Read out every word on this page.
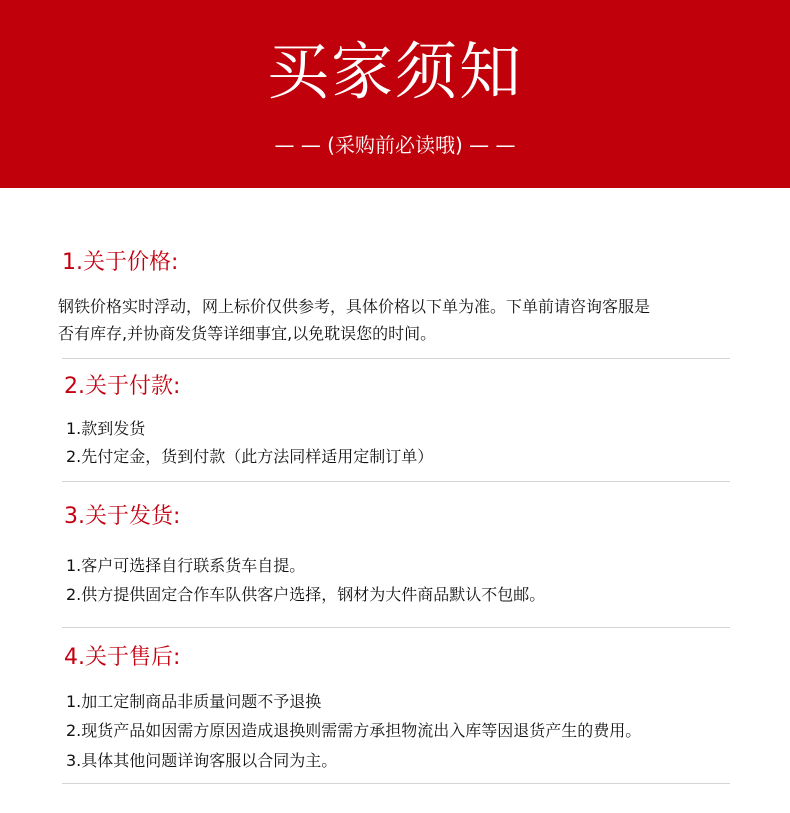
买家须知
— — (采购前必读哦) — —
1.关于价格:
钢铁价格实时浮动，网上标价仅供参考，具体价格以下单为准。下单前请咨询客服是
否有库存,并协商发货等详细事宜,以免耽误您的时间。
2.关于付款:
1.款到发货
2.先付定金，货到付款（此方法同样适用定制订单）
3.关于发货:
1.客户可选择自行联系货车自提。
2.供方提供固定合作车队供客户选择，钢材为大件商品默认不包邮。
4.关于售后:
1.加工定制商品非质量问题不予退换
2.现货产品如因需方原因造成退换则需需方承担物流出入库等因退货产生的费用。
3.具体其他问题详询客服以合同为主。
